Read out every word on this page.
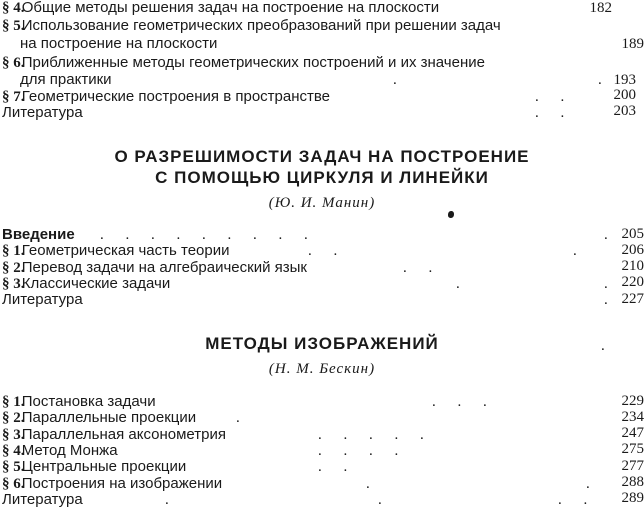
§ 4. Общие методы решения задач на построение на плоскости	182
§ 5. Использование геометрических преобразований при решении задач
на построение на плоскости	189
§ 6. Приближенные методы геометрических построений и их значение
для практики	.	. 193
§ 7. Геометрические построения в пространстве	. .	200
Литература	. .	203
О РАЗРЕШИМОСТИ ЗАДАЧ НА ПОСТРОЕНИЕ
С ПОМОЩЬЮ ЦИРКУЛЯ И ЛИНЕЙКИ
(Ю. И. Манин)
Введение	. . . . . . . . .	. 205
§ 1. Геометрическая часть теории	. .	.	206
§ 2. Перевод задачи на алгебраический язык	. .	210
§ 3. Классические задачи	.	. 220
Литература	. 227
МЕТОДЫ ИЗОБРАЖЕНИЙ	.
(Н. М. Бескин)
§ 1. Постановка задачи	. . .	229
§ 2. Параллельные проекции	.	234
§ 3. Параллельная аксонометрия	. . . . .	247
§ 4. Метод Монжа	. . . .	275
§ 5. Центральные проекции	. .	277
§ 6. Построения на изображении	.	.	288
Литература	.	.	. .	289
